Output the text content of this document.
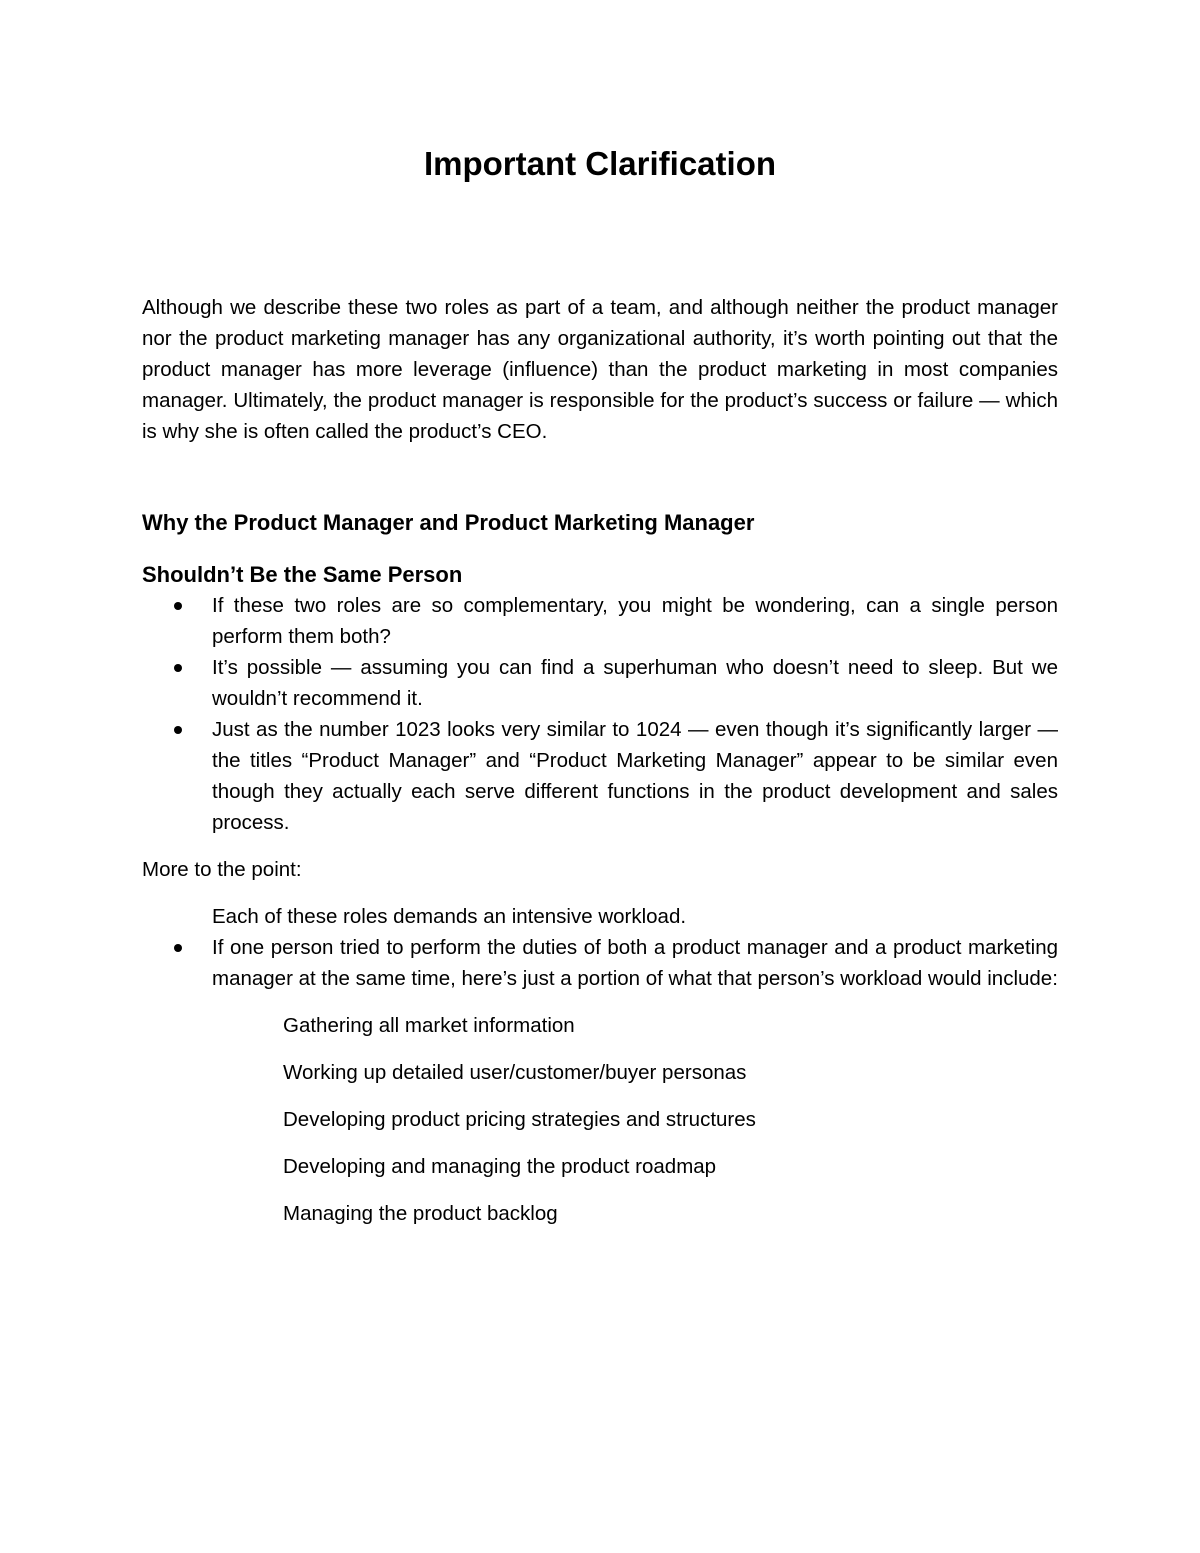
Important Clarification

Although we describe these two roles as part of a team, and although neither the product manager nor the product marketing manager has any organizational authority, it’s worth pointing out that the product manager has more leverage (influence) than the product marketing in most companies manager. Ultimately, the product manager is responsible for the product’s success or failure — which is why she is often called the product’s CEO.

Why the Product Manager and Product Marketing Manager
Shouldn’t Be the Same Person
If these two roles are so complementary, you might be wondering, can a single person perform them both?
It’s possible — assuming you can find a superhuman who doesn’t need to sleep. But we wouldn’t recommend it.
Just as the number 1023 looks very similar to 1024 — even though it’s significantly larger — the titles “Product Manager” and “Product Marketing Manager” appear to be similar even though they actually each serve different functions in the product development and sales process.

More to the point:

Each of these roles demands an intensive workload.

If one person tried to perform the duties of both a product manager and a product marketing manager at the same time, here’s just a portion of what that person’s workload would include:
Gathering all market information
Working up detailed user/customer/buyer personas
Developing product pricing strategies and structures
Developing and managing the product roadmap
Managing the product backlog
